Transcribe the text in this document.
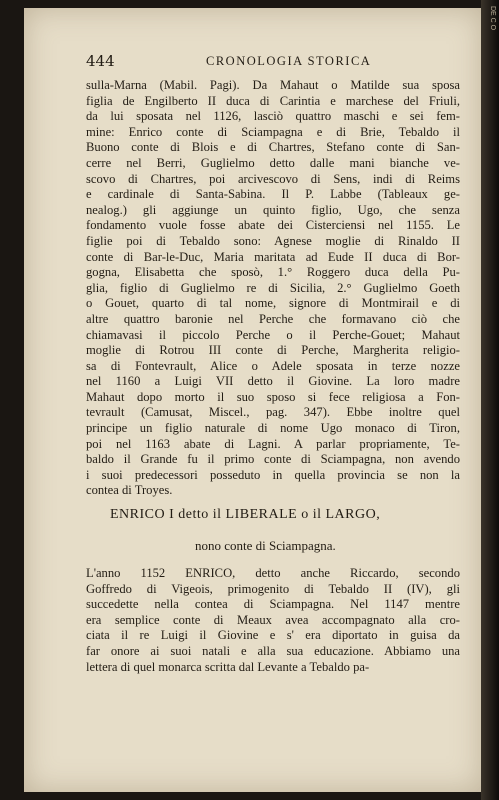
DE C O
444	CRONOLOGIA STORICA
sulla-Marna (Mabil. Pagi). Da Mahaut o Matilde sua sposa
figlia de Engilberto II duca di Carintia e marchese del Friuli,
da lui sposata nel 1126, lasciò quattro maschi e sei fem-
mine: Enrico conte di Sciampagna e di Brie, Tebaldo il
Buono conte di Blois e di Chartres, Stefano conte di San-
cerre nel Berri, Guglielmo detto dalle mani bianche ve-
scovo di Chartres, poi arcivescovo di Sens, indi di Reims
e cardinale di Santa-Sabina. Il P. Labbe (Tableaux ge-
nealog.) gli aggiunge un quinto figlio, Ugo, che senza
fondamento vuole fosse abate dei Cisterciensi nel 1155. Le
figlie poi di Tebaldo sono: Agnese moglie di Rinaldo II
conte di Bar-le-Duc, Maria maritata ad Eude II duca di Bor-
gogna, Elisabetta che sposò, 1.° Roggero duca della Pu-
glia, figlio di Guglielmo re di Sicilia, 2.° Guglielmo Goeth
o Gouet, quarto di tal nome, signore di Montmirail e di
altre quattro baronie nel Perche che formavano ciò che
chiamavasi il piccolo Perche o il Perche-Gouet; Mahaut
moglie di Rotrou III conte di Perche, Margherita religio-
sa di Fontevrault, Alice o Adele sposata in terze nozze
nel 1160 a Luigi VII detto il Giovine. La loro madre
Mahaut dopo morto il suo sposo si fece religiosa a Fon-
tevrault (Camusat, Miscel., pag. 347). Ebbe inoltre quel
principe un figlio naturale di nome Ugo monaco di Tiron,
poi nel 1163 abate di Lagni. A parlar propriamente, Te-
baldo il Grande fu il primo conte di Sciampagna, non avendo
i suoi predecessori posseduto in quella provincia se non la
contea di Troyes.
ENRICO I detto il LIBERALE o il LARGO,
nono conte di Sciampagna.
L'anno 1152 ENRICO, detto anche Riccardo, secondo
Goffredo di Vigeois, primogenito di Tebaldo II (IV), gli
succedette nella contea di Sciampagna. Nel 1147 mentre
era semplice conte di Meaux avea accompagnato alla cro-
ciata il re Luigi il Giovine e s' era diportato in guisa da
far onore ai suoi natali e alla sua educazione. Abbiamo una
lettera di quel monarca scritta dal Levante a Tebaldo pa-
